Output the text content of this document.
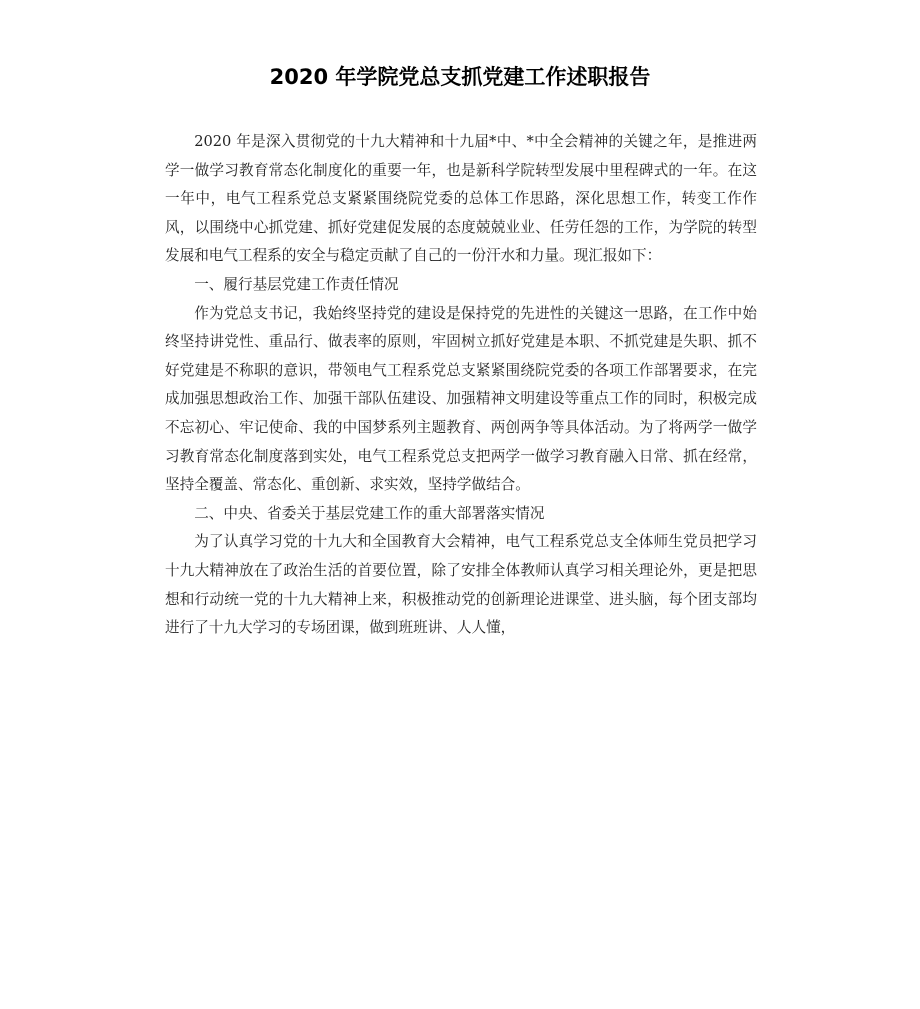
2020 年学院党总支抓党建工作述职报告

2020 年是深入贯彻党的十九大精神和十九届*中、*中全会精神的关键之年，是推进两学一做学习教育常态化制度化的重要一年，也是新科学院转型发展中里程碑式的一年。在这一年中，电气工程系党总支紧紧围绕院党委的总体工作思路，深化思想工作，转变工作作风，以围绕中心抓党建、抓好党建促发展的态度兢兢业业、任劳任怨的工作，为学院的转型发展和电气工程系的安全与稳定贡献了自己的一份汗水和力量。现汇报如下：

一、履行基层党建工作责任情况

作为党总支书记，我始终坚持党的建设是保持党的先进性的关键这一思路，在工作中始终坚持讲党性、重品行、做表率的原则，牢固树立抓好党建是本职、不抓党建是失职、抓不好党建是不称职的意识，带领电气工程系党总支紧紧围绕院党委的各项工作部署要求，在完成加强思想政治工作、加强干部队伍建设、加强精神文明建设等重点工作的同时，积极完成不忘初心、牢记使命、我的中国梦系列主题教育、两创两争等具体活动。为了将两学一做学习教育常态化制度落到实处，电气工程系党总支把两学一做学习教育融入日常、抓在经常，坚持全覆盖、常态化、重创新、求实效，坚持学做结合。

二、中央、省委关于基层党建工作的重大部署落实情况

为了认真学习党的十九大和全国教育大会精神，电气工程系党总支全体师生党员把学习十九大精神放在了政治生活的首要位置，除了安排全体教师认真学习相关理论外，更是把思想和行动统一党的十九大精神上来，积极推动党的创新理论进课堂、进头脑，每个团支部均进行了十九大学习的专场团课，做到班班讲、人人懂，
